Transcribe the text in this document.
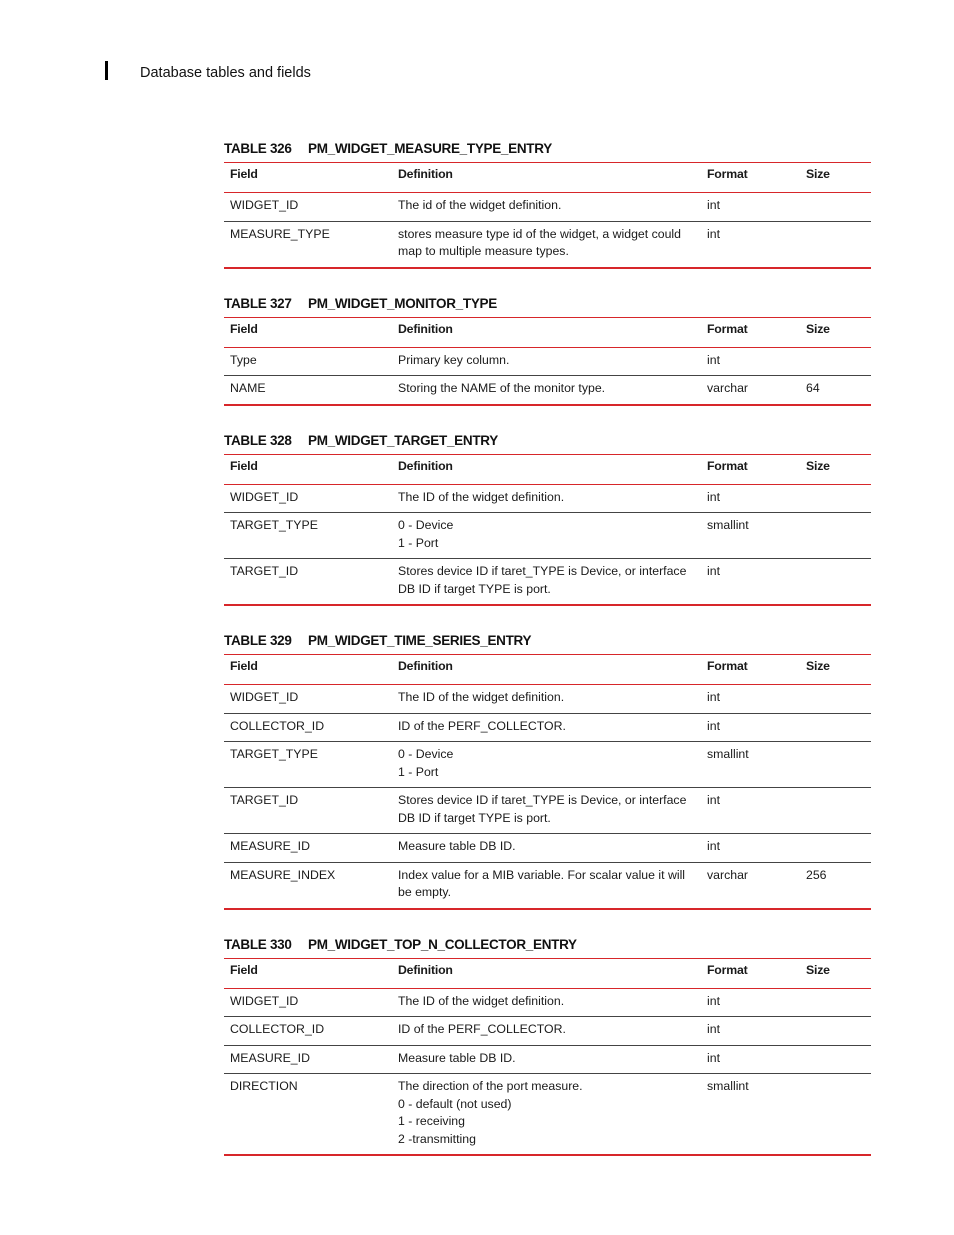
Database tables and fields
TABLE 326 PM_WIDGET_MEASURE_TYPE_ENTRY
Field	Definition	Format	Size
WIDGET_ID	The id of the widget definition.	int	
MEASURE_TYPE	stores measure type id of the widget, a widget could
map to multiple measure types.	int	
TABLE 327 PM_WIDGET_MONITOR_TYPE
Field	Definition	Format	Size
Type	Primary key column.	int	
NAME	Storing the NAME of the monitor type.	varchar	64
TABLE 328 PM_WIDGET_TARGET_ENTRY
Field	Definition	Format	Size
WIDGET_ID	The ID of the widget definition.	int	
TARGET_TYPE	0 - Device
1 - Port	smallint	
TARGET_ID	Stores device ID if taret_TYPE is Device, or interface
DB ID if target TYPE is port.	int	
TABLE 329 PM_WIDGET_TIME_SERIES_ENTRY
Field	Definition	Format	Size
WIDGET_ID	The ID of the widget definition.	int	
COLLECTOR_ID	ID of the PERF_COLLECTOR.	int	
TARGET_TYPE	0 - Device
1 - Port	smallint	
TARGET_ID	Stores device ID if taret_TYPE is Device, or interface
DB ID if target TYPE is port.	int	
MEASURE_ID	Measure table DB ID.	int	
MEASURE_INDEX	Index value for a MIB variable. For scalar value it will
be empty.	varchar	256
TABLE 330 PM_WIDGET_TOP_N_COLLECTOR_ENTRY
Field	Definition	Format	Size
WIDGET_ID	The ID of the widget definition.	int	
COLLECTOR_ID	ID of the PERF_COLLECTOR.	int	
MEASURE_ID	Measure table DB ID.	int	
DIRECTION	The direction of the port measure.
0 - default (not used)
1 - receiving
2 -transmitting	smallint	
